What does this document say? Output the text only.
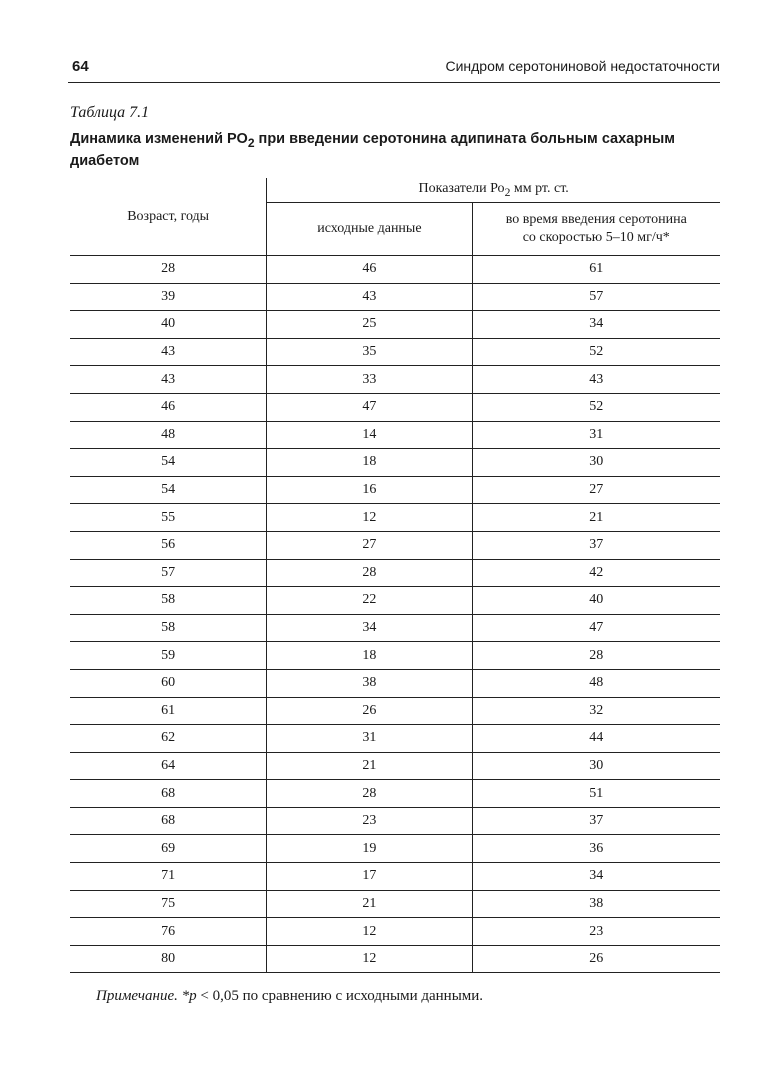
64	Синдром серотониновой недостаточности
Таблица 7.1
Динамика изменений $РО_2$ при введении серотонина адипината больным сахарным диабетом
Возраст, годы	Показатели $Ро_2$ мм рт. ст.	
	исходные данные	во время введения серотонина
со скоростью 5–10 мг/ч*
28	46	61
39	43	57
40	25	34
43	35	52
43	33	43
46	47	52
48	14	31
54	18	30
54	16	27
55	12	21
56	27	37
57	28	42
58	22	40
58	34	47
59	18	28
60	38	48
61	26	32
62	31	44
64	21	30
68	28	51
68	23	37
69	19	36
71	17	34
75	21	38
76	12	23
80	12	26
Примечание. *p < 0,05 по сравнению с исходными данными.
